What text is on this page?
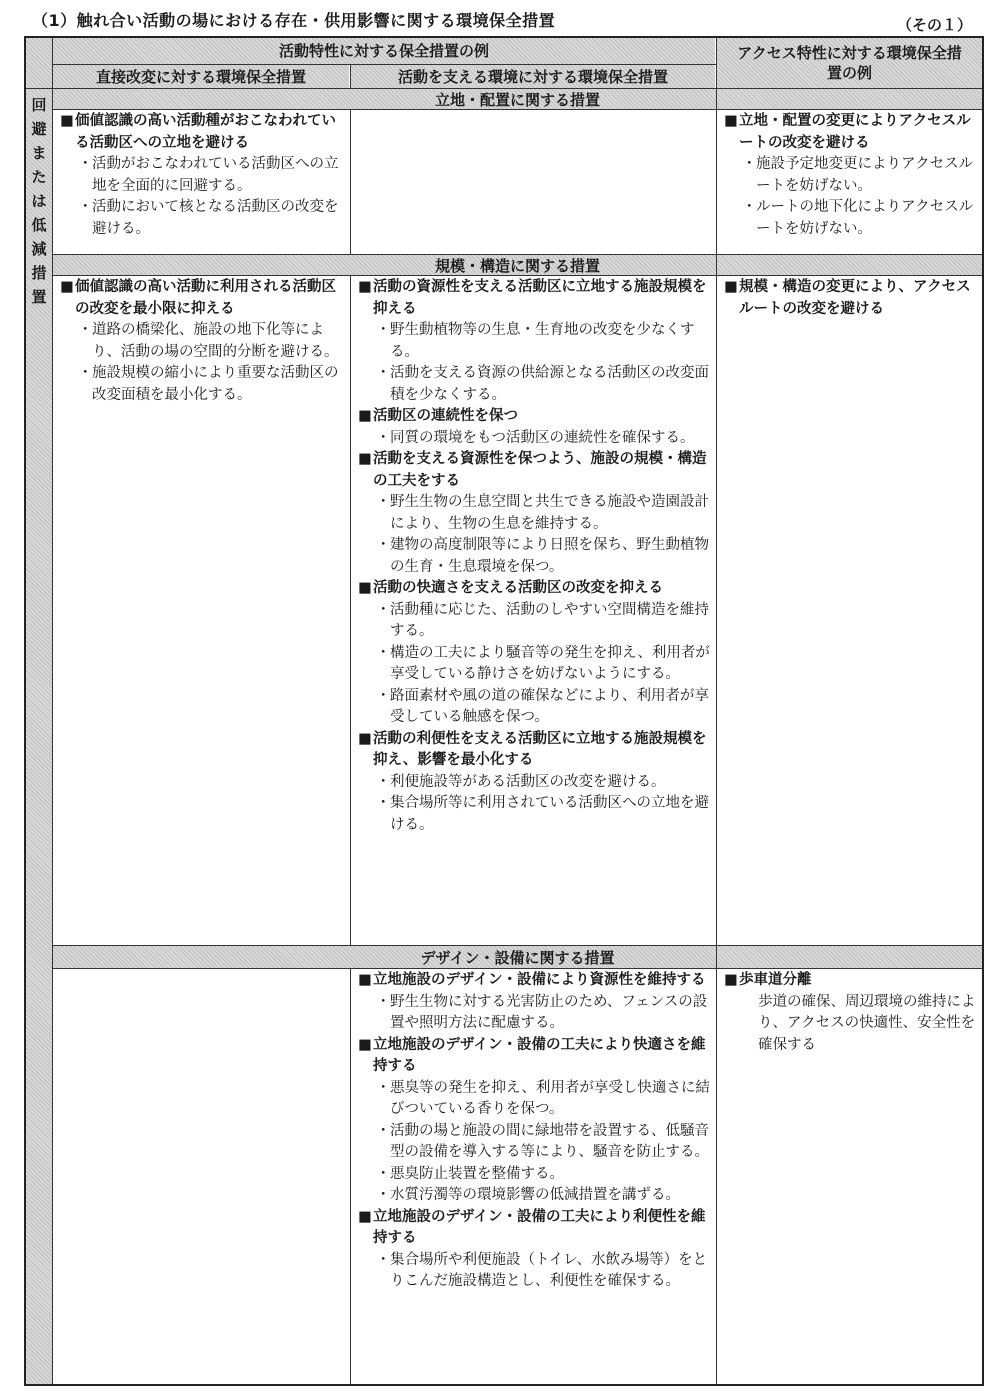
（1）触れ合い活動の場における存在・供用影響に関する環境保全措置	（その１）
活動特性に対する保全措置の例
直接改変に対する環境保全措置	活動を支える環境に対する環境保全措置
アクセス特性に対する環境保全措置の例
回
避
ま
た
は
低
減
措
置
立地・配置に関する措置
規模・構造に関する措置
デザイン・設備に関する措置
■ 価値認識の高い活動種がおこなわれている活動区への立地を避ける
・ 活動がおこなわれている活動区への立地を全面的に回避する。
・ 活動において核となる活動区の改変を避ける。
■ 立地・配置の変更によりアクセスルートの改変を避ける
・ 施設予定地変更によりアクセスルートを妨げない。
・ ルートの地下化によりアクセスルートを妨げない。
■ 価値認識の高い活動に利用される活動区の改変を最小限に抑える
・ 道路の橋梁化、施設の地下化等により、活動の場の空間的分断を避ける。
・ 施設規模の縮小により重要な活動区の改変面積を最小化する。
■ 活動の資源性を支える活動区に立地する施設規模を抑える
・ 野生動植物等の生息・生育地の改変を少なくする。
・ 活動を支える資源の供給源となる活動区の改変面積を少なくする。
■ 活動区の連続性を保つ
・ 同質の環境をもつ活動区の連続性を確保する。
■ 活動を支える資源性を保つよう、施設の規模・構造の工夫をする
・ 野生生物の生息空間と共生できる施設や造園設計により、生物の生息を維持する。
・ 建物の高度制限等により日照を保ち、野生動植物の生育・生息環境を保つ。
■ 活動の快適さを支える活動区の改変を抑える
・ 活動種に応じた、活動のしやすい空間構造を維持する。
・ 構造の工夫により騒音等の発生を抑え、利用者が享受している静けさを妨げないようにする。
・ 路面素材や風の道の確保などにより、利用者が享受している触感を保つ。
■ 活動の利便性を支える活動区に立地する施設規模を抑え、影響を最小化する
・ 利便施設等がある活動区の改変を避ける。
・ 集合場所等に利用されている活動区への立地を避ける。
■ 規模・構造の変更により、アクセスルートの改変を避ける
■ 立地施設のデザイン・設備により資源性を維持する
・ 野生生物に対する光害防止のため、フェンスの設置や照明方法に配慮する。
■ 立地施設のデザイン・設備の工夫により快適さを維持する
・ 悪臭等の発生を抑え、利用者が享受し快適さに結びついている香りを保つ。
・ 活動の場と施設の間に緑地帯を設置する、低騒音型の設備を導入する等により、騒音を防止する。
・ 悪臭防止装置を整備する。
・ 水質汚濁等の環境影響の低減措置を講ずる。
■ 立地施設のデザイン・設備の工夫により利便性を維持する
・ 集合場所や利便施設（トイレ、水飲み場等）をとりこんだ施設構造とし、利便性を確保する。
■ 歩車道分離
歩道の確保、周辺環境の維持により、アクセスの快適性、安全性を確保する
